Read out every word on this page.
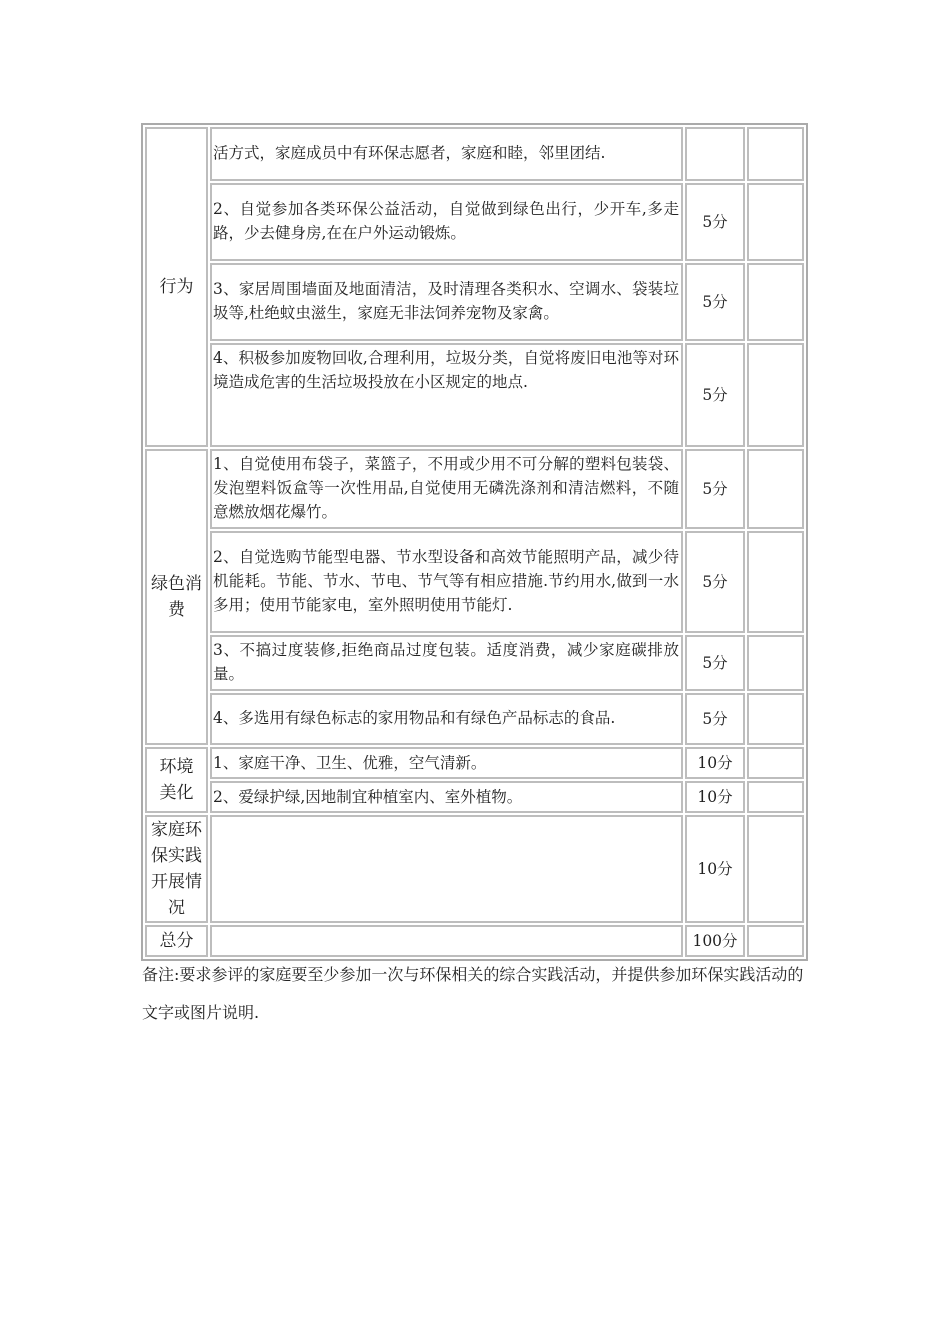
行为	活方式，家庭成员中有环保志愿者，家庭和睦，邻里团结.		
	2、自觉参加各类环保公益活动，自觉做到绿色出行，少开车,多走路，少去健身房,在在户外运动锻炼。	5分	
	3、家居周围墙面及地面清洁，及时清理各类积水、空调水、袋装垃圾等,杜绝蚊虫滋生，家庭无非法饲养宠物及家禽。	5分	
	4、积极参加废物回收,合理利用，垃圾分类，自觉将废旧电池等对环境造成危害的生活垃圾投放在小区规定的地点.	5分	
绿色消费	1、自觉使用布袋子，菜篮子，不用或少用不可分解的塑料包装袋、发泡塑料饭盒等一次性用品,自觉使用无磷洗涤剂和清洁燃料，不随意燃放烟花爆竹。	5分	
	2、自觉选购节能型电器、节水型设备和高效节能照明产品，减少待机能耗。节能、节水、节电、节气等有相应措施.节约用水,做到一水多用；使用节能家电，室外照明使用节能灯.	5分	
	3、不搞过度装修,拒绝商品过度包装。适度消费，减少家庭碳排放量。	5分	
	4、多选用有绿色标志的家用物品和有绿色产品标志的食品.	5分	
环境美化	1、家庭干净、卫生、优雅，空气清新。	10分	
	2、爱绿护绿,因地制宜种植室内、室外植物。	10分	
家庭环保实践开展情况		10分	
总分		100分	

备注:要求参评的家庭要至少参加一次与环保相关的综合实践活动，并提供参加环保实践活动的文字或图片说明.
